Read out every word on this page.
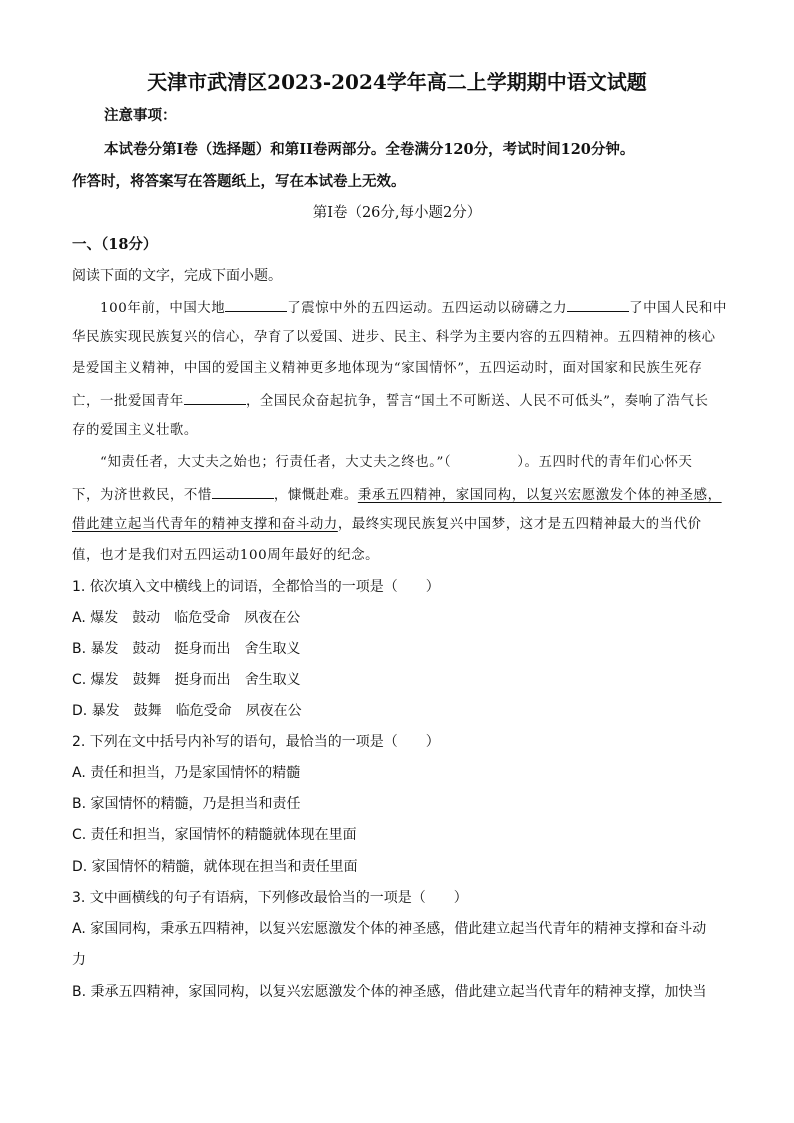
天津市武清区2023-2024学年高二上学期期中语文试题
注意事项：
本试卷分第Ⅰ卷（选择题）和第II卷两部分。全卷满分120分，考试时间120分钟。
作答时，将答案写在答题纸上，写在本试卷上无效。
第Ⅰ卷（26分,每小题2分）
一、（18分）
阅读下面的文字，完成下面小题。
100年前，中国大地	了震惊中外的五四运动。五四运动以磅礴之力	了中国人民和中
华民族实现民族复兴的信心，孕育了以爱国、进步、民主、科学为主要内容的五四精神。五四精神的核心
是爱国主义精神，中国的爱国主义精神更多地体现为“家国情怀”，五四运动时，面对国家和民族生死存
亡，一批爱国青年	，全国民众奋起抗争，誓言“国土不可断送、人民不可低头”，奏响了浩气长
存的爱国主义壮歌。
“知责任者，大丈夫之始也；行责任者，大丈夫之终也。”（	）。五四时代的青年们心怀天
下，为济世救民，不惜	，慷慨赴难。秉承五四精神，家国同构，以复兴宏愿激发个体的神圣感，
借此建立起当代青年的精神支撑和奋斗动力，最终实现民族复兴中国梦，这才是五四精神最大的当代价
值，也才是我们对五四运动100周年最好的纪念。
1. 依次填入文中横线上的词语，全都恰当的一项是（　　）
A. 爆发 鼓动 临危受命 夙夜在公
B. 暴发 鼓动 挺身而出 舍生取义
C. 爆发 鼓舞 挺身而出 舍生取义
D. 暴发 鼓舞 临危受命 夙夜在公
2. 下列在文中括号内补写的语句，最恰当的一项是（　　）
A. 责任和担当，乃是家国情怀的精髓
B. 家国情怀的精髓，乃是担当和责任
C. 责任和担当，家国情怀的精髓就体现在里面
D. 家国情怀的精髓，就体现在担当和责任里面
3. 文中画横线的句子有语病，下列修改最恰当的一项是（　　）
A. 家国同构，秉承五四精神，以复兴宏愿激发个体的神圣感，借此建立起当代青年的精神支撑和奋斗动
力
B. 秉承五四精神，家国同构，以复兴宏愿激发个体的神圣感，借此建立起当代青年的精神支撑，加快当
